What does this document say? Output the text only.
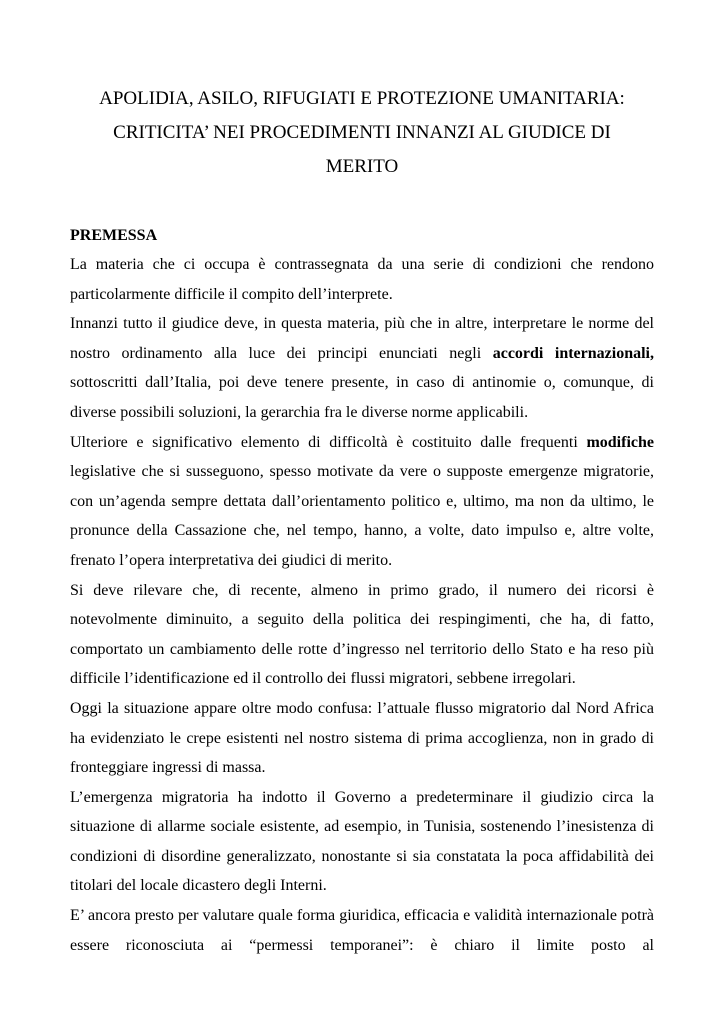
APOLIDIA, ASILO, RIFUGIATI E PROTEZIONE UMANITARIA:
CRITICITA’ NEI PROCEDIMENTI INNANZI AL GIUDICE DI
MERITO

PREMESSA

La materia che ci occupa è contrassegnata da una serie di condizioni che rendono particolarmente difficile il compito dell’interprete.

Innanzi tutto il giudice deve, in questa materia, più che in altre, interpretare le norme del nostro ordinamento alla luce dei principi enunciati negli accordi internazionali, sottoscritti dall’Italia, poi deve tenere presente, in caso di antinomie o, comunque, di diverse possibili soluzioni, la gerarchia fra le diverse norme applicabili.

Ulteriore e significativo elemento di difficoltà è costituito dalle frequenti modifiche legislative che si susseguono, spesso motivate da vere o supposte emergenze migratorie, con un’agenda sempre dettata dall’orientamento politico e, ultimo, ma non da ultimo, le pronunce della Cassazione che, nel tempo, hanno, a volte, dato impulso e, altre volte, frenato l’opera interpretativa dei giudici di merito.

Si deve rilevare che, di recente, almeno in primo grado, il numero dei ricorsi è notevolmente diminuito, a seguito della politica dei respingimenti, che ha, di fatto, comportato un cambiamento delle rotte d’ingresso nel territorio dello Stato e ha reso più difficile l’identificazione ed il controllo dei flussi migratori, sebbene irregolari.

Oggi la situazione appare oltre modo confusa: l’attuale flusso migratorio dal Nord Africa ha evidenziato le crepe esistenti nel nostro sistema di prima accoglienza, non in grado di fronteggiare ingressi di massa.

L’emergenza migratoria ha indotto il Governo a predeterminare il giudizio circa la situazione di allarme sociale esistente, ad esempio, in Tunisia, sostenendo l’inesistenza di condizioni di disordine generalizzato, nonostante si sia constatata la poca affidabilità dei titolari del locale dicastero degli Interni.

E’ ancora presto per valutare quale forma giuridica, efficacia e validità internazionale potrà essere riconosciuta ai “permessi temporanei”: è chiaro il limite posto al
